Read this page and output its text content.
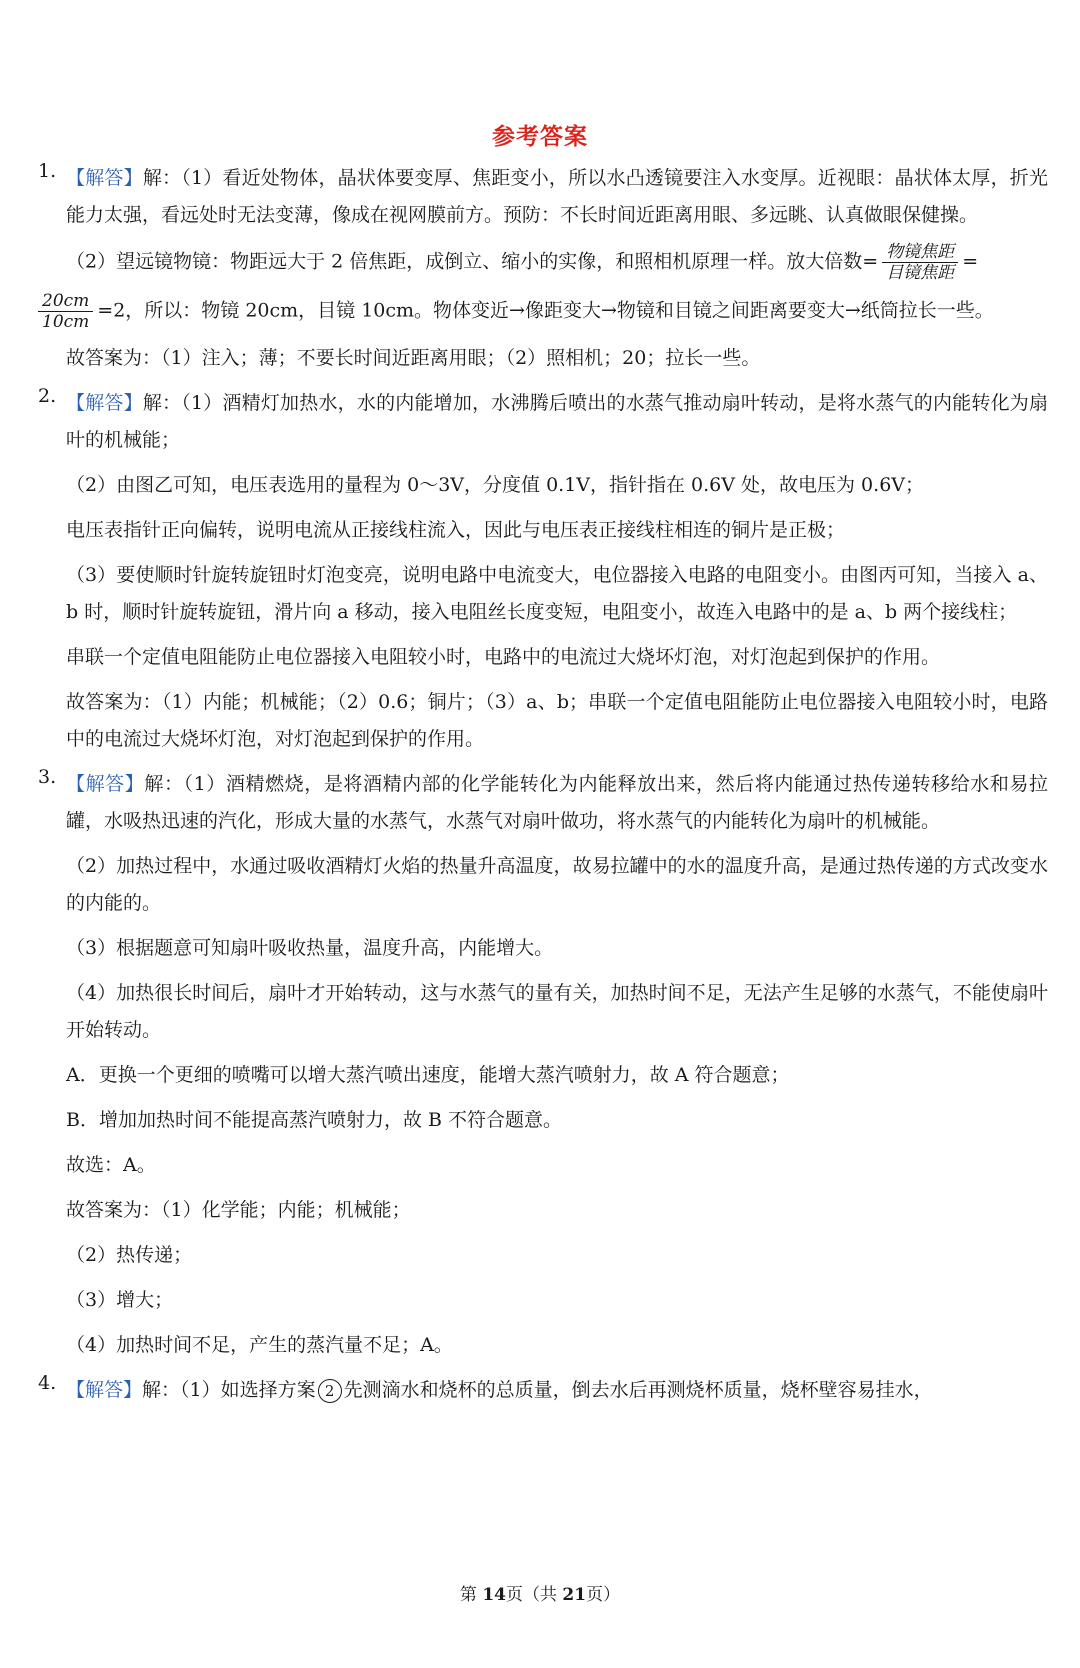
参考答案
1. 【解答】解：（1）看近处物体，晶状体要变厚、焦距变小，所以水凸透镜要注入水变厚。近视眼：晶状体太厚，折光能力太强，看远处时无法变薄，像成在视网膜前方。预防：不长时间近距离用眼、多远眺、认真做眼保健操。

（2）望远镜物镜：物距远大于 2 倍焦距，成倒立、缩小的实像，和照相机原理一样。放大倍数= $\frac{\text{物镜焦距}}{\text{目镜焦距}}$ =

$\frac{20cm}{10cm} =2$，所以：物镜 20cm，目镜 10cm。物体变近→像距变大→物镜和目镜之间距离要变大→纸筒拉长一些。

故答案为：（1）注入；薄；不要长时间近距离用眼；（2）照相机；20；拉长一些。

2. 【解答】解：（1）酒精灯加热水，水的内能增加，水沸腾后喷出的水蒸气推动扇叶转动，是将水蒸气的内能转化为扇叶的机械能；

（2）由图乙可知，电压表选用的量程为 0～3V，分度值 0.1V，指针指在 0.6V 处，故电压为 0.6V；

电压表指针正向偏转，说明电流从正接线柱流入，因此与电压表正接线柱相连的铜片是正极；

（3）要使顺时针旋转旋钮时灯泡变亮，说明电路中电流变大，电位器接入电路的电阻变小。由图丙可知，当接入 a、b 时，顺时针旋转旋钮，滑片向 a 移动，接入电阻丝长度变短，电阻变小，故连入电路中的是 a、b 两个接线柱；

串联一个定值电阻能防止电位器接入电阻较小时，电路中的电流过大烧坏灯泡，对灯泡起到保护的作用。

故答案为：（1）内能；机械能；（2）0.6；铜片；（3）a、b；串联一个定值电阻能防止电位器接入电阻较小时，电路中的电流过大烧坏灯泡，对灯泡起到保护的作用。

3. 【解答】解：（1）酒精燃烧，是将酒精内部的化学能转化为内能释放出来，然后将内能通过热传递转移给水和易拉罐，水吸热迅速的汽化，形成大量的水蒸气，水蒸气对扇叶做功，将水蒸气的内能转化为扇叶的机械能。

（2）加热过程中，水通过吸收酒精灯火焰的热量升高温度，故易拉罐中的水的温度升高，是通过热传递的方式改变水的内能的。

（3）根据题意可知扇叶吸收热量，温度升高，内能增大。

（4）加热很长时间后，扇叶才开始转动，这与水蒸气的量有关，加热时间不足，无法产生足够的水蒸气，不能使扇叶开始转动。

A．更换一个更细的喷嘴可以增大蒸汽喷出速度，能增大蒸汽喷射力，故 A 符合题意；

B．增加加热时间不能提高蒸汽喷射力，故 B 不符合题意。

故选：A。

故答案为：（1）化学能；内能；机械能；

（2）热传递；

（3）增大；

（4）加热时间不足，产生的蒸汽量不足；A。

4. 【解答】解：（1）如选择方案 2 先测滴水和烧杯的总质量，倒去水后再测烧杯质量，烧杯壁容易挂水，

第 14页（共 21页）
